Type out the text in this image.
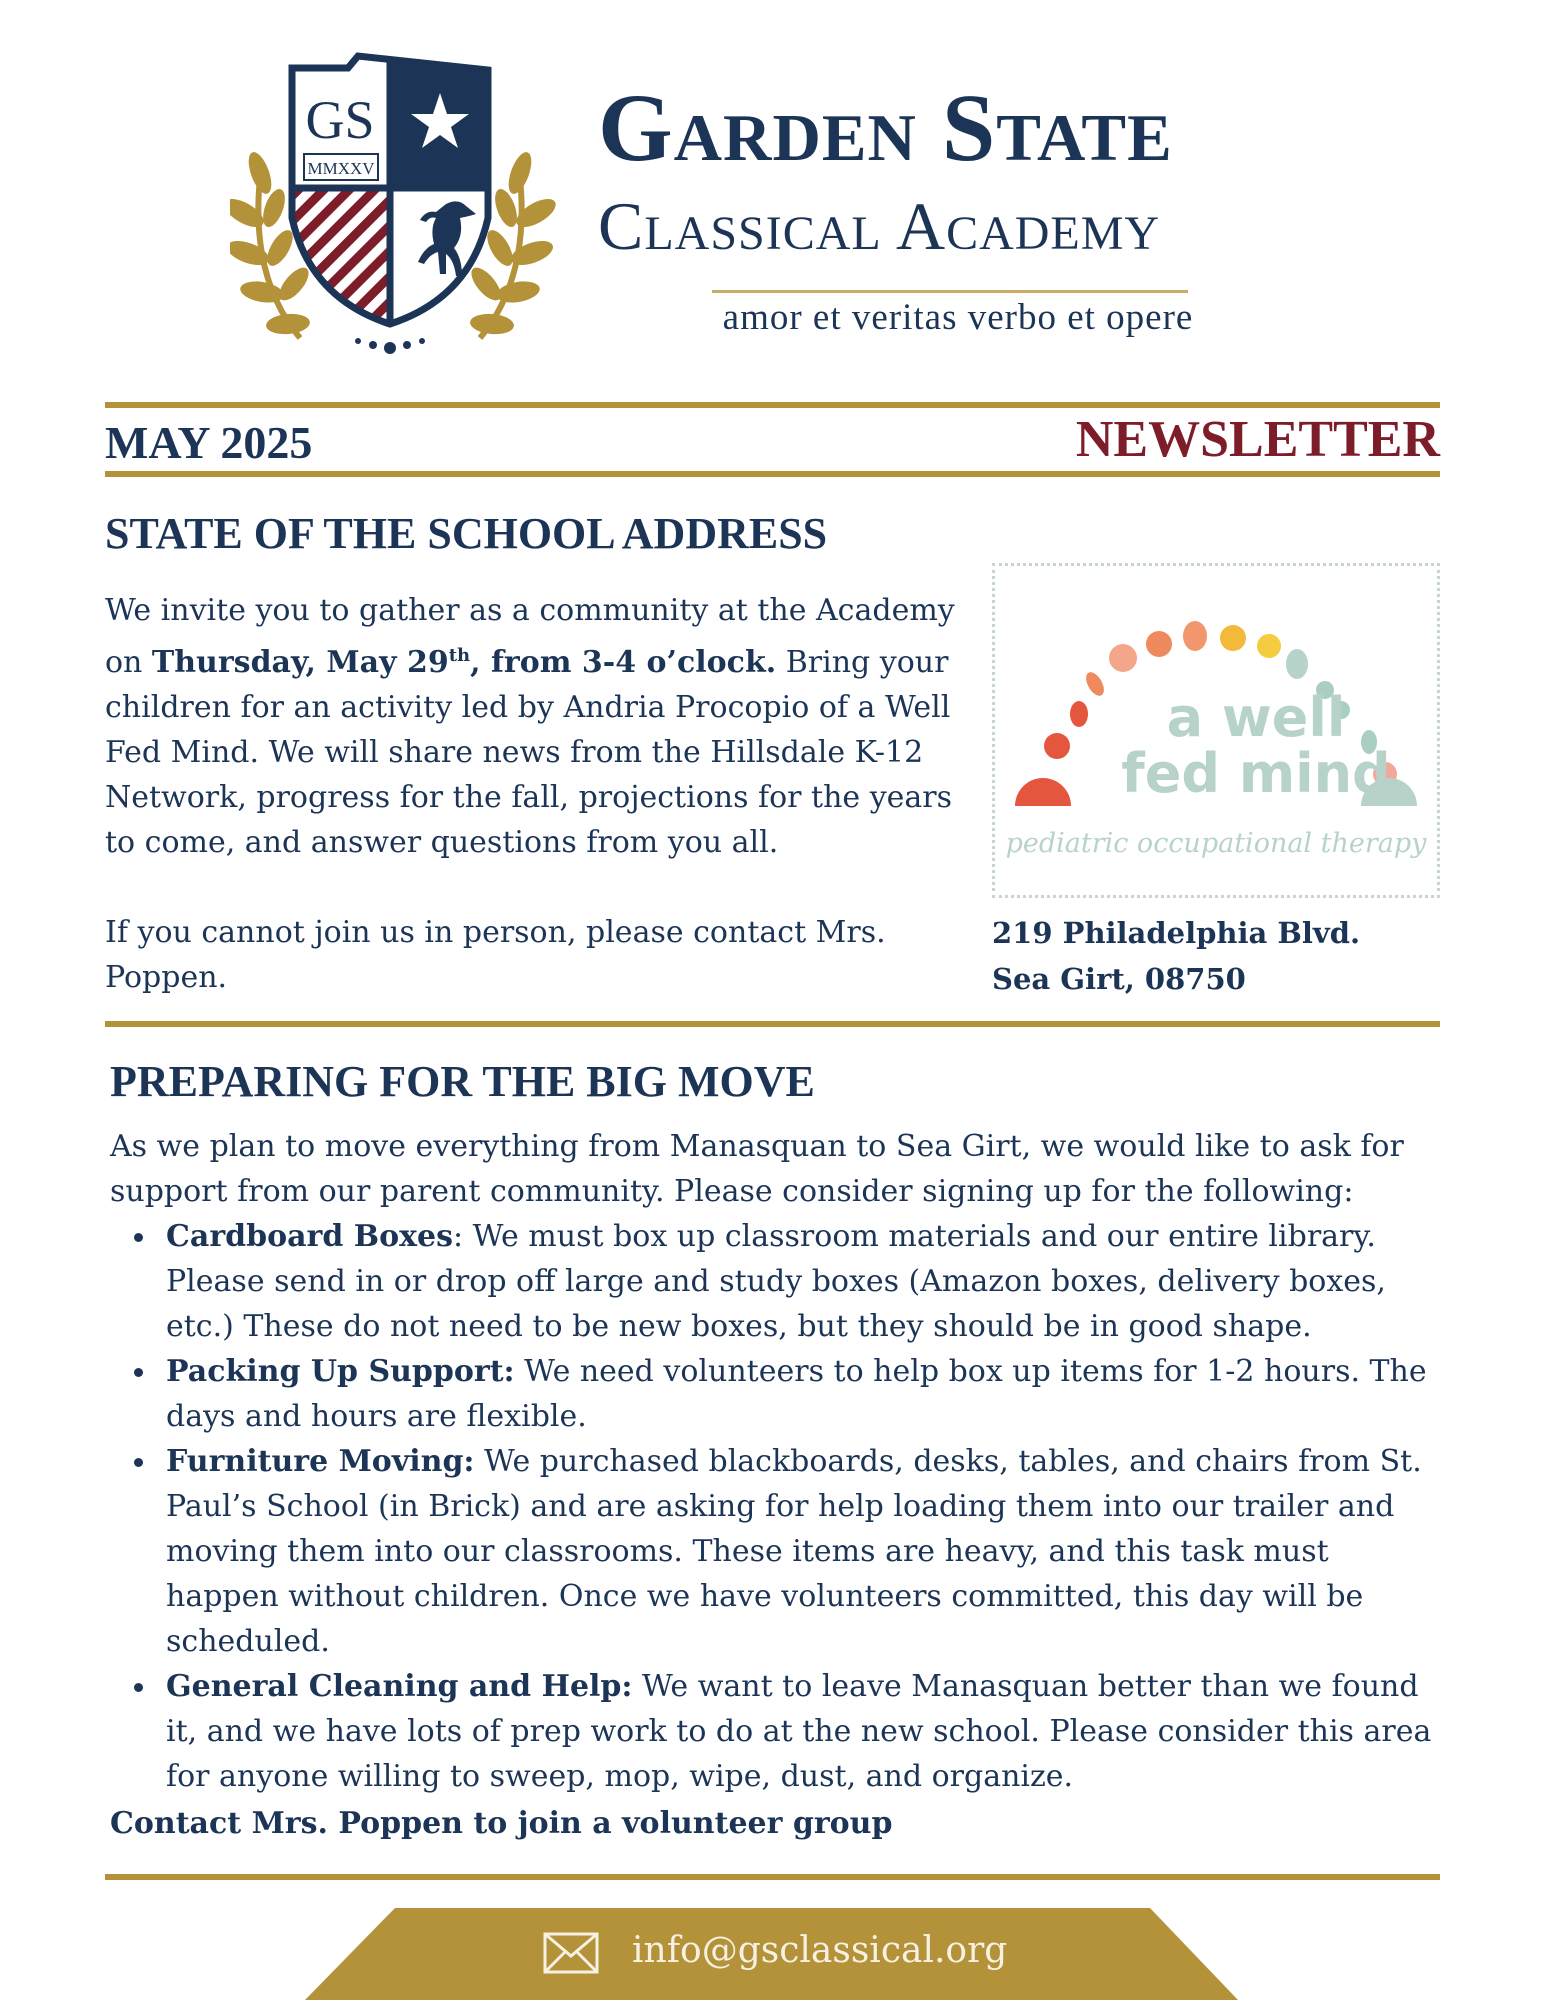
GS
MMXXV Garden State
Classical Academy
amor et veritas verbo et opere
MAY 2025	NEWSLETTER
STATE OF THE SCHOOL ADDRESS

We invite you to gather as a community at the Academy on Thursday, May 29th, from 3-4 o’clock. Bring your children for an activity led by Andria Procopio of a Well Fed Mind. We will share news from the Hillsdale K-12 Network, progress for the fall, projections for the years to come, and answer questions from you all.

If you cannot join us in person, please contact Mrs. Poppen.

a well
fed mind
pediatric occupational therapy
219 Philadelphia Blvd.
Sea Girt, 08750
PREPARING FOR THE BIG MOVE
As we plan to move everything from Manasquan to Sea Girt, we would like to ask for support from our parent community. Please consider signing up for the following:
Cardboard Boxes: We must box up classroom materials and our entire library. Please send in or drop off large and study boxes (Amazon boxes, delivery boxes, etc.) These do not need to be new boxes, but they should be in good shape.
Packing Up Support: We need volunteers to help box up items for 1-2 hours. The days and hours are flexible.
Furniture Moving: We purchased blackboards, desks, tables, and chairs from St. Paul’s School (in Brick) and are asking for help loading them into our trailer and moving them into our classrooms. These items are heavy, and this task must happen without children. Once we have volunteers committed, this day will be scheduled.
General Cleaning and Help: We want to leave Manasquan better than we found it, and we have lots of prep work to do at the new school. Please consider this area for anyone willing to sweep, mop, wipe, dust, and organize.
Contact Mrs. Poppen to join a volunteer group
info@gsclassical.org
